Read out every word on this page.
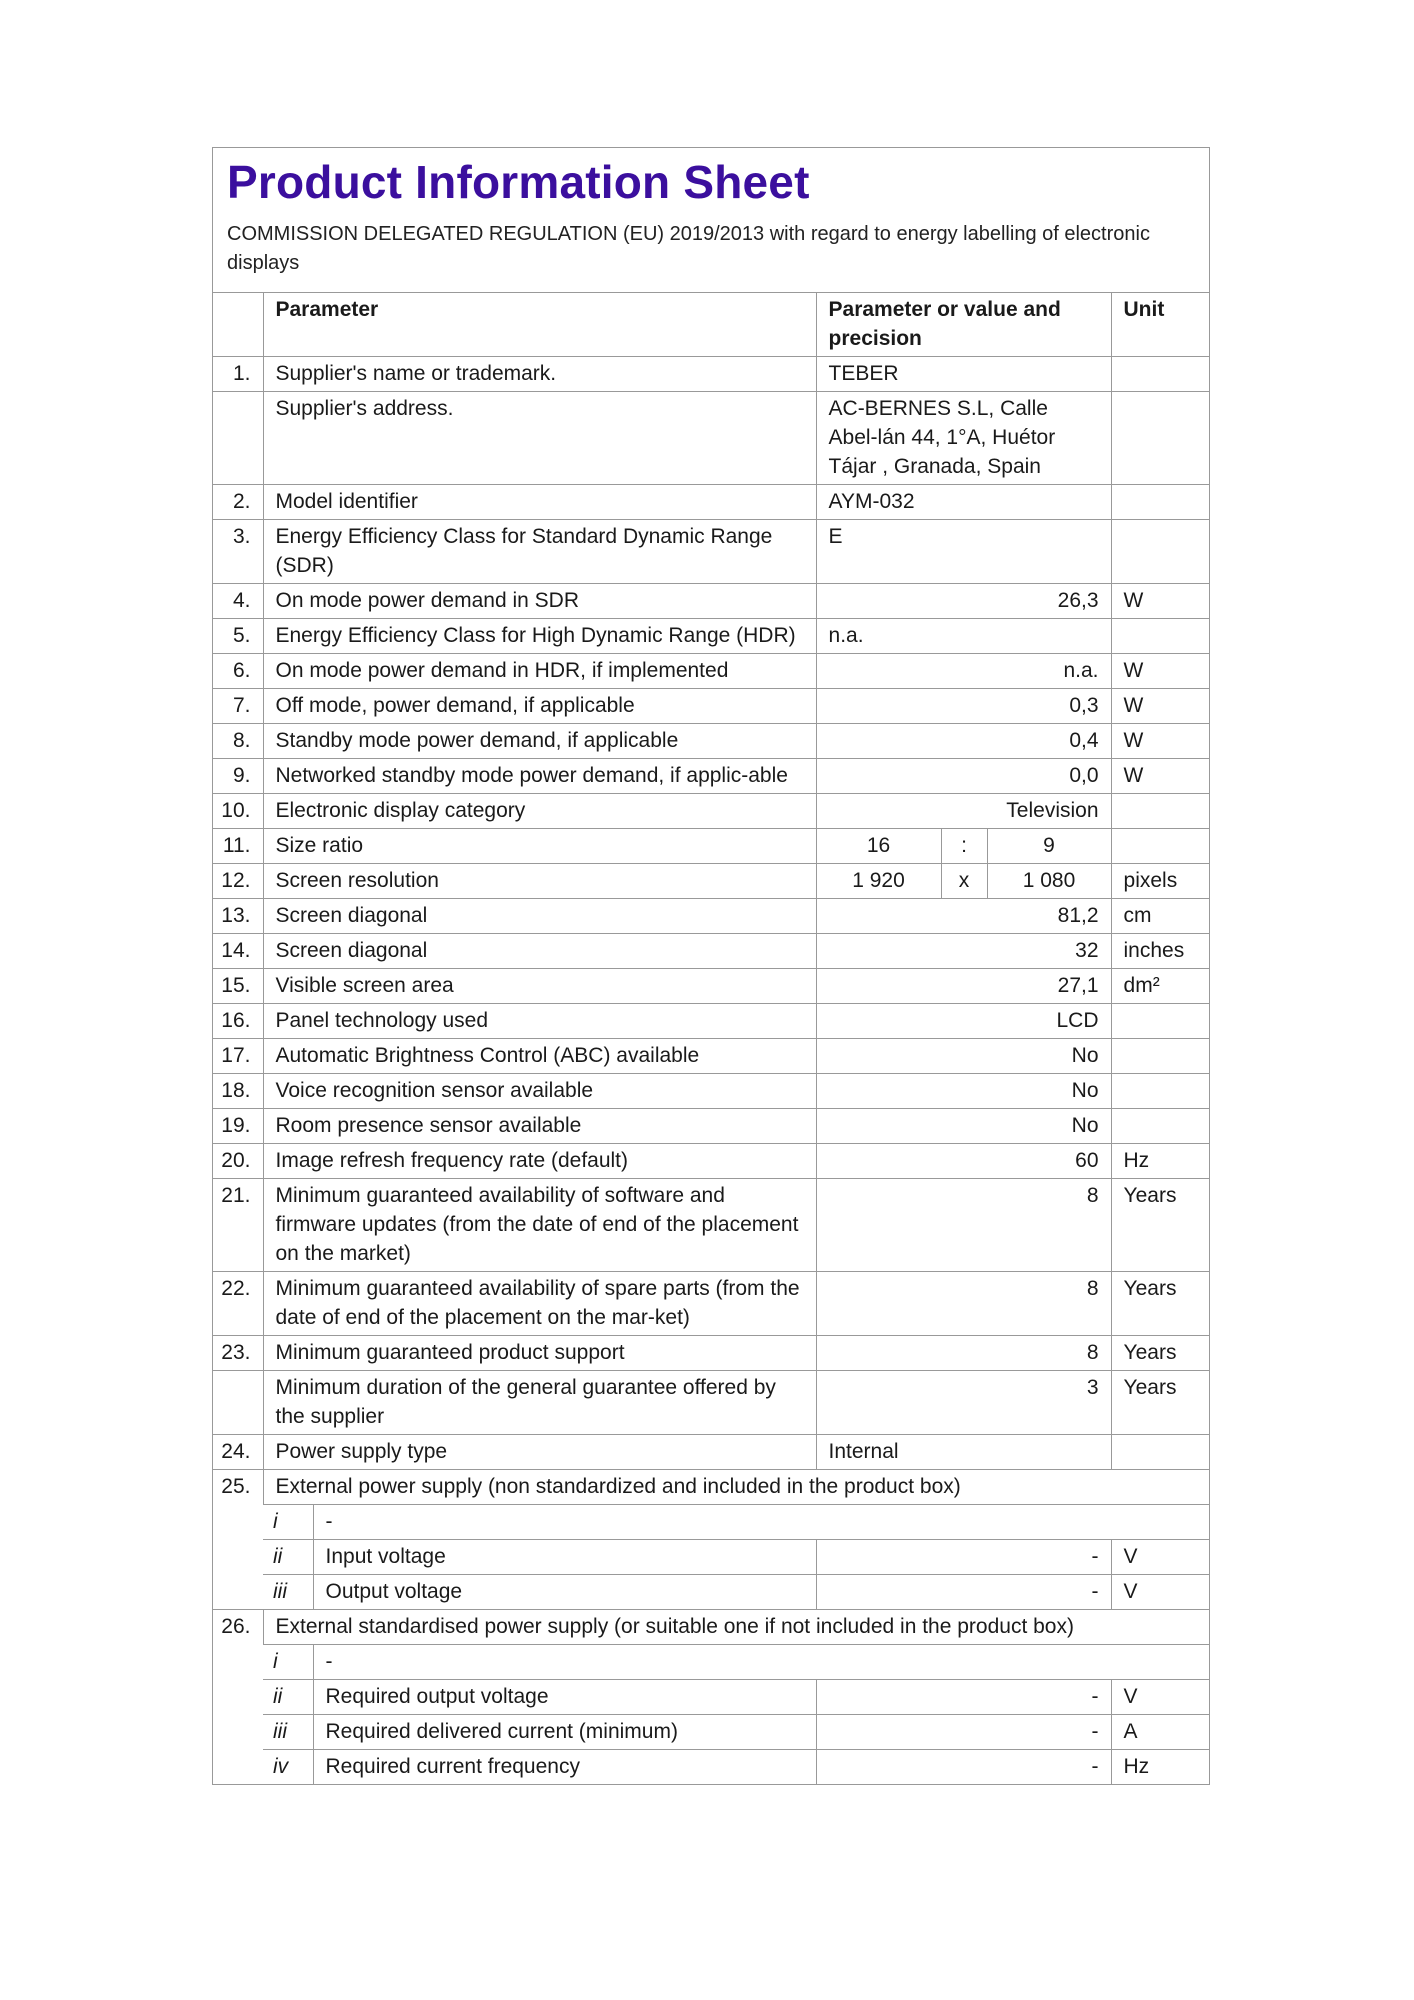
Product Information Sheet
COMMISSION DELEGATED REGULATION (EU) 2019/2013 with regard to energy labelling of electronic displays
	Parameter		Parameter or value and precision			Unit
1.	Supplier's name or trademark.		TEBER			
	Supplier's address.		AC-BERNES S.L, Calle Abel-lán 44, 1°A, Huétor Tájar , Granada, Spain			
2.	Model identifier		AYM-032			
3.	Energy Efficiency Class for Standard Dynamic Range (SDR)		E			
4.	On mode power demand in SDR		26,3			W
5.	Energy Efficiency Class for High Dynamic Range (HDR)		n.a.			
6.	On mode power demand in HDR, if implemented		n.a.			W
7.	Off mode, power demand, if applicable		0,3			W
8.	Standby mode power demand, if applicable		0,4			W
9.	Networked standby mode power demand, if applic-able		0,0			W
10.	Electronic display category		Television			
11.	Size ratio		16	:	9	
12.	Screen resolution		1 920	x	1 080	pixels
13.	Screen diagonal		81,2			cm
14.	Screen diagonal		32			inches
15.	Visible screen area		27,1			dm²
16.	Panel technology used		LCD			
17.	Automatic Brightness Control (ABC) available		No			
18.	Voice recognition sensor available		No			
19.	Room presence sensor available		No			
20.	Image refresh frequency rate (default)		60			Hz
21.	Minimum guaranteed availability of software and firmware updates (from the date of end of the placement on the market)		8			Years
22.	Minimum guaranteed availability of spare parts (from the date of end of the placement on the mar-ket)		8			Years
23.	Minimum guaranteed product support		8			Years
	Minimum duration of the general guarantee offered by the supplier		3			Years
24.	Power supply type		Internal			
25.	External power supply (non standardized and included in the product box)					
	i	-				
	ii	Input voltage	-			V
	iii	Output voltage	-			V
26.	External standardised power supply (or suitable one if not included in the product box)					
	i	-				
	ii	Required output voltage	-			V
	iii	Required delivered current (minimum)	-			A
	iv	Required current frequency	-			Hz
